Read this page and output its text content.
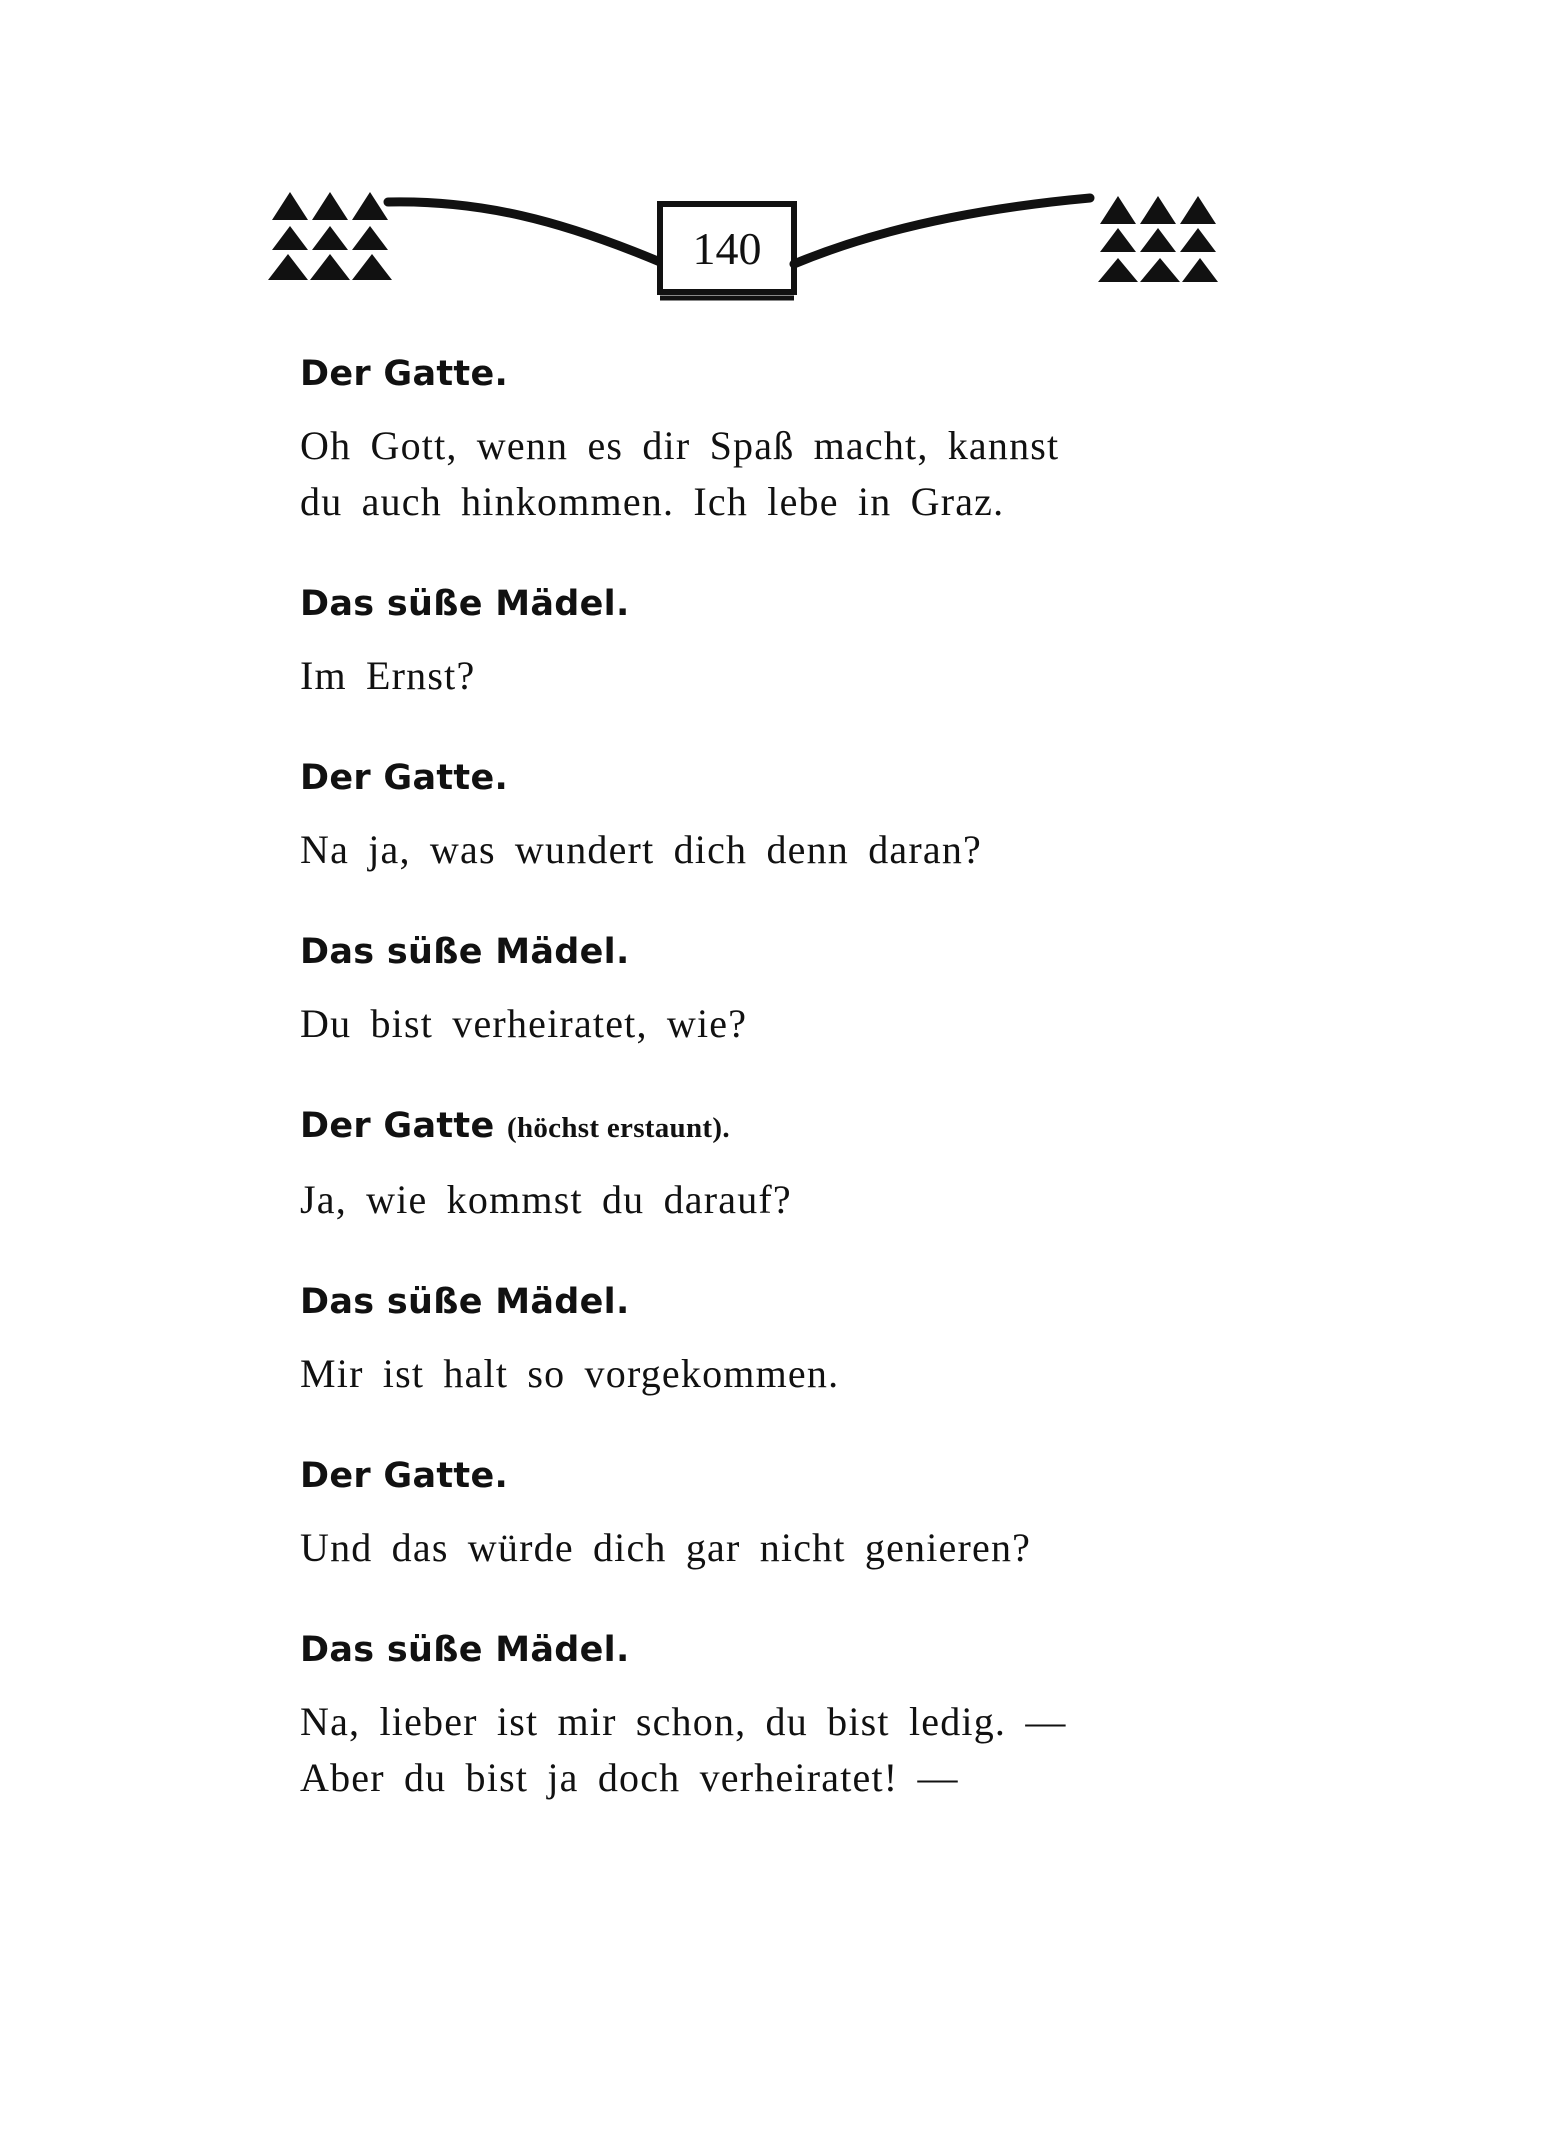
140

Der Gatte.

Oh Gott, wenn es dir Spaß macht, kannst
du auch hinkommen. Ich lebe in Graz.

Das süße Mädel.

Im Ernst?

Der Gatte.

Na ja, was wundert dich denn daran?

Das süße Mädel.

Du bist verheiratet, wie?

Der Gatte (höchst erstaunt).

Ja, wie kommst du darauf?

Das süße Mädel.

Mir ist halt so vorgekommen.

Der Gatte.

Und das würde dich gar nicht genieren?

Das süße Mädel.

Na, lieber ist mir schon, du bist ledig. —
Aber du bist ja doch verheiratet! —
